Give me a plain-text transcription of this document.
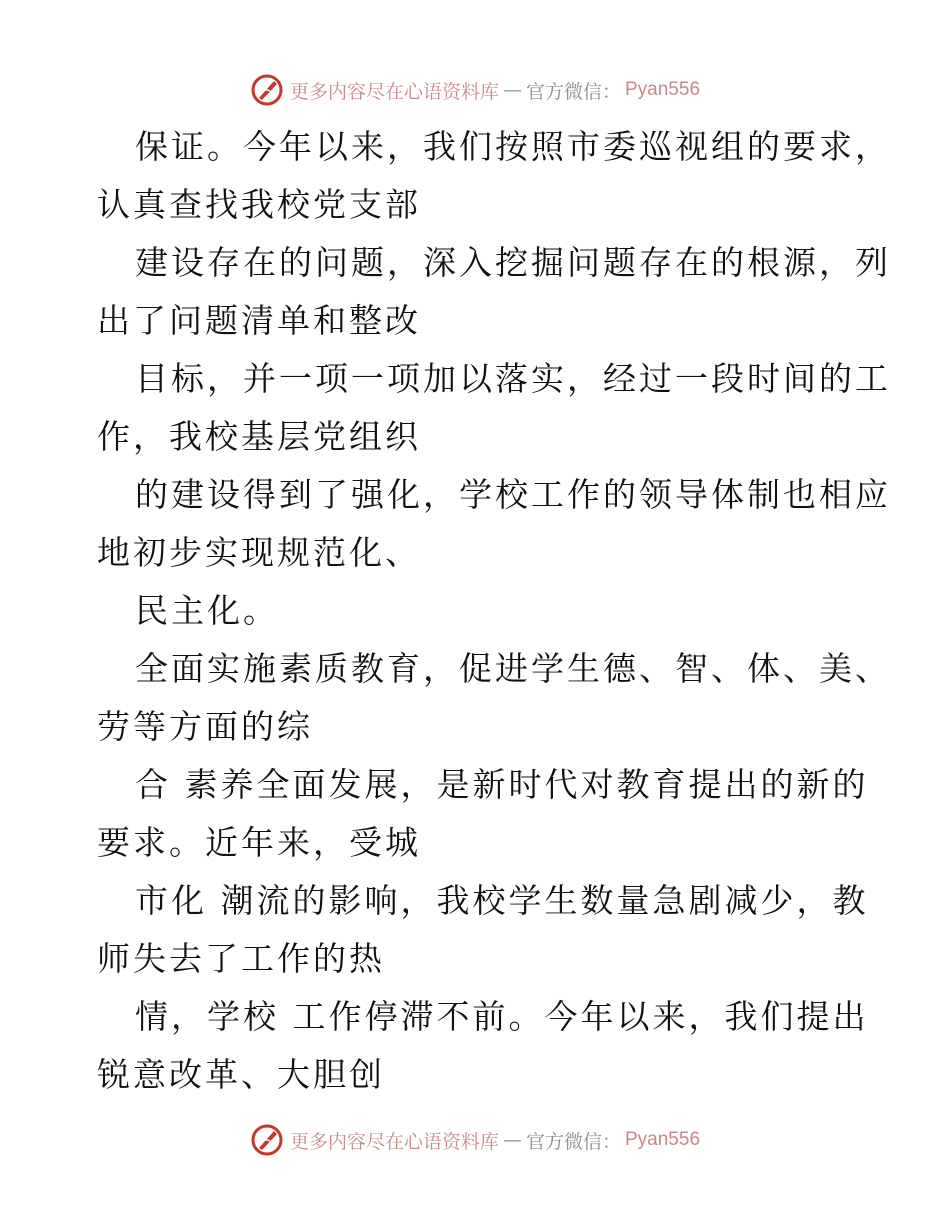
更多内容尽在心语资料库 — 官方微信： Pyan556
保证。今年以来，我们按照市委巡视组的要求，
认真查找我校党支部
建设存在的问题，深入挖掘问题存在的根源，列
出了问题清单和整改
目标，并一项一项加以落实，经过一段时间的工
作，我校基层党组织
的建设得到了强化，学校工作的领导体制也相应
地初步实现规范化、
民主化。
全面实施素质教育，促进学生德、智、体、美、
劳等方面的综
合 素养全面发展，是新时代对教育提出的新的
要求。近年来，受城
市化 潮流的影响，我校学生数量急剧减少，教
师失去了工作的热
情，学校 工作停滞不前。今年以来，我们提出
锐意改革、大胆创
更多内容尽在心语资料库 — 官方微信： Pyan556
